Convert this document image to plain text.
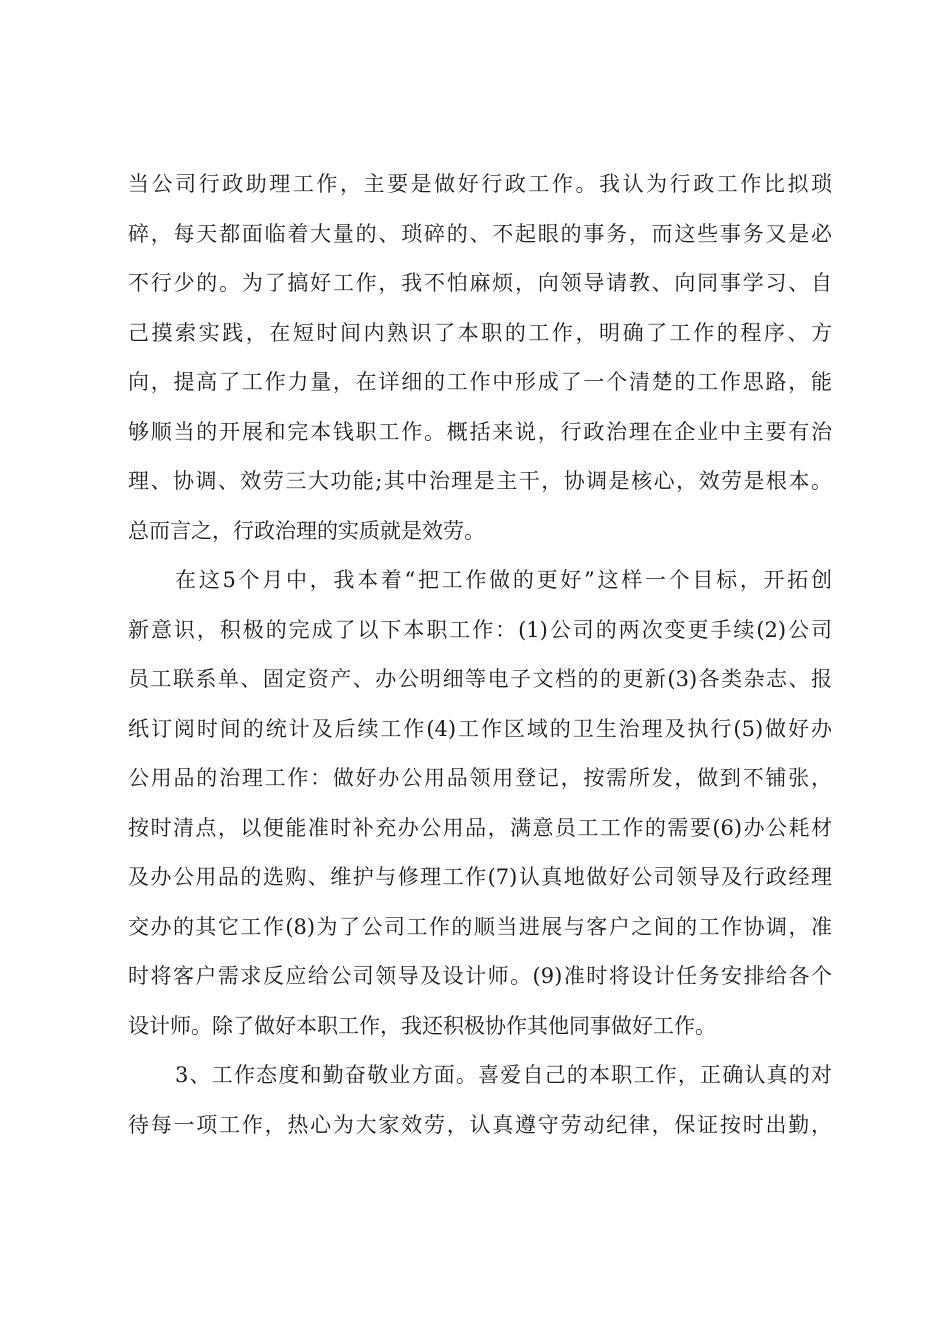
当公司行政助理工作，主要是做好行政工作。我认为行政工作比拟琐
碎，每天都面临着大量的、琐碎的、不起眼的事务，而这些事务又是必
不行少的。为了搞好工作，我不怕麻烦，向领导请教、向同事学习、自
己摸索实践，在短时间内熟识了本职的工作，明确了工作的程序、方
向，提高了工作力量，在详细的工作中形成了一个清楚的工作思路，能
够顺当的开展和完本钱职工作。概括来说，行政治理在企业中主要有治
理、协调、效劳三大功能;其中治理是主干，协调是核心，效劳是根本。
总而言之，行政治理的实质就是效劳。
在这5个月中，我本着“把工作做的更好”这样一个目标，开拓创
新意识，积极的完成了以下本职工作：(1)公司的两次变更手续(2)公司
员工联系单、固定资产、办公明细等电子文档的的更新(3)各类杂志、报
纸订阅时间的统计及后续工作(4)工作区域的卫生治理及执行(5)做好办
公用品的治理工作：做好办公用品领用登记，按需所发，做到不铺张，
按时清点，以便能准时补充办公用品，满意员工工作的需要(6)办公耗材
及办公用品的选购、维护与修理工作(7)认真地做好公司领导及行政经理
交办的其它工作(8)为了公司工作的顺当进展与客户之间的工作协调，准
时将客户需求反应给公司领导及设计师。(9)准时将设计任务安排给各个
设计师。除了做好本职工作，我还积极协作其他同事做好工作。
3、工作态度和勤奋敬业方面。喜爱自己的本职工作，正确认真的对
待每一项工作，热心为大家效劳，认真遵守劳动纪律，保证按时出勤，
